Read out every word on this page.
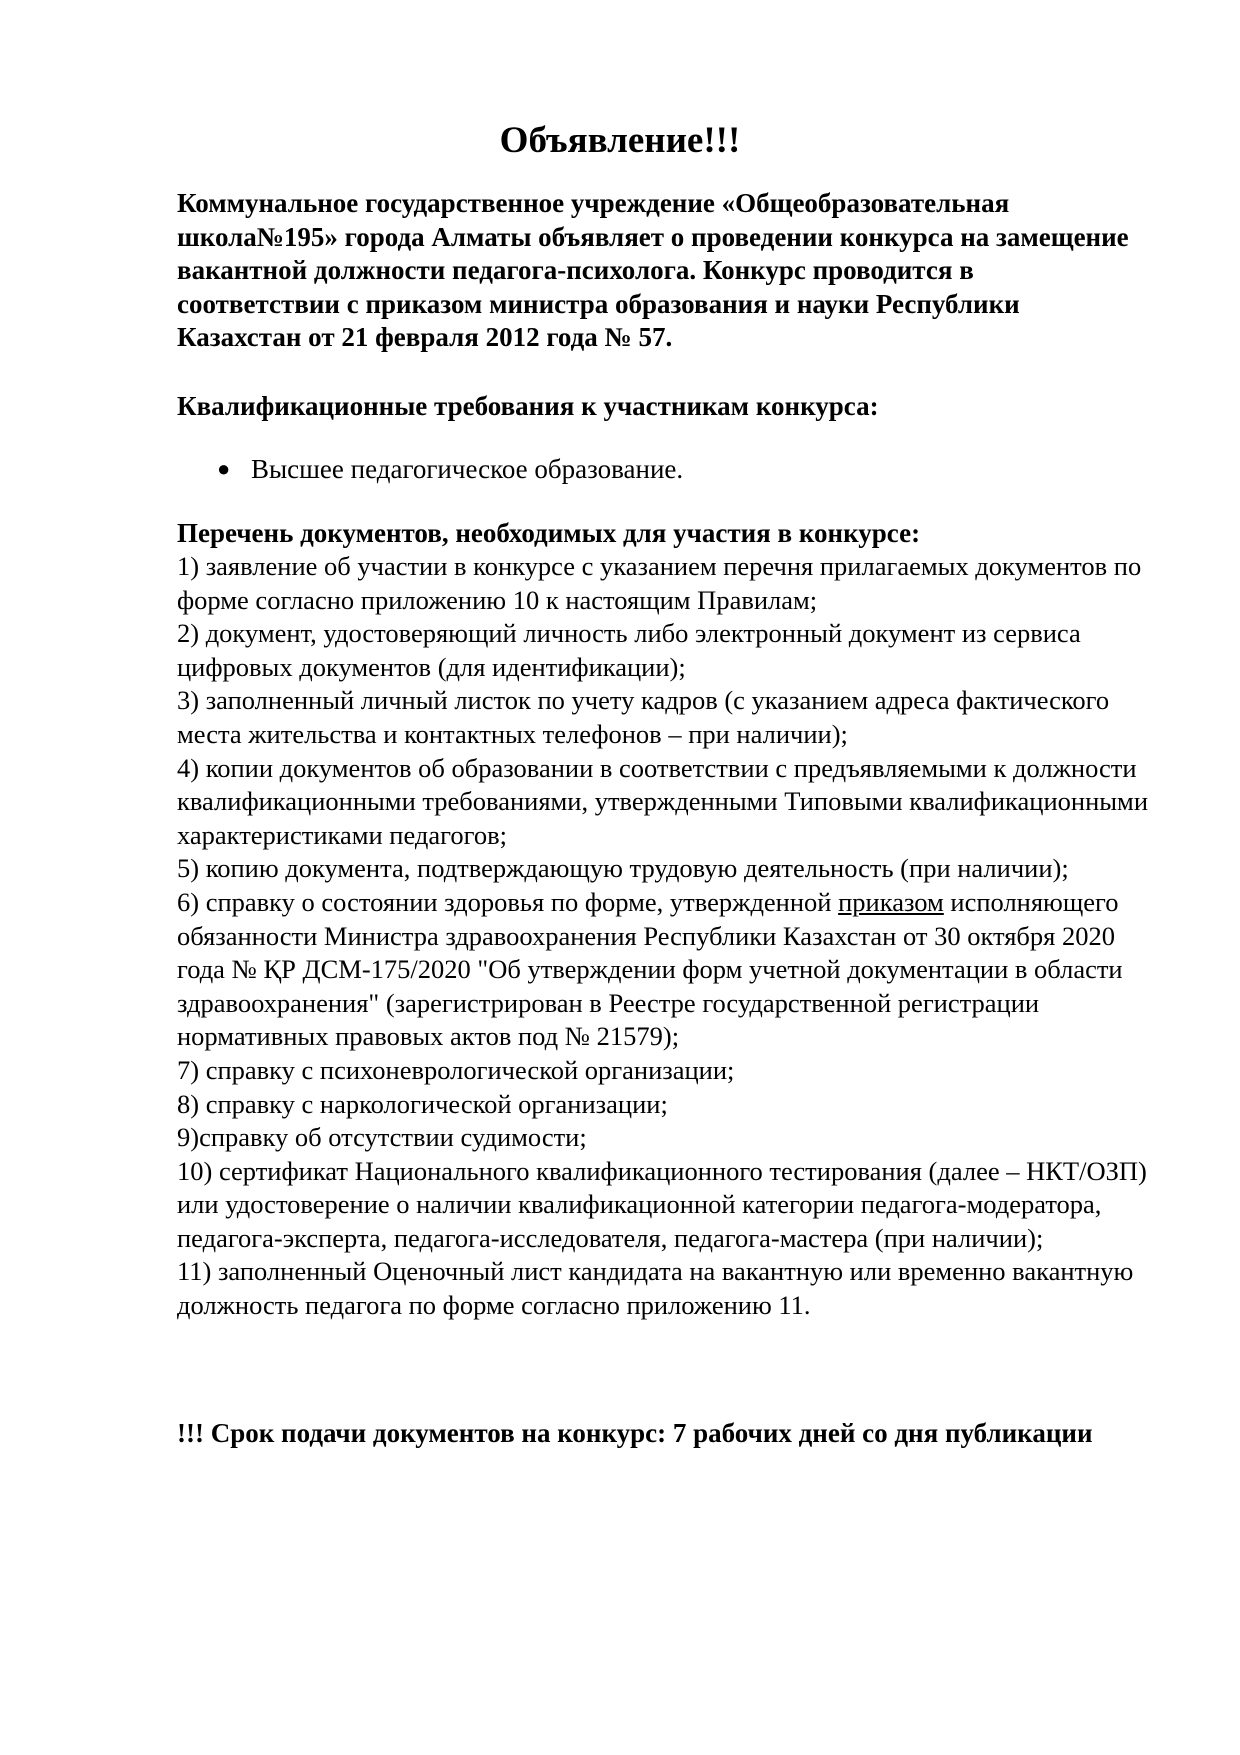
Объявление!!!

Коммунальное государственное учреждение «Общеобразовательная школа№195» города Алматы объявляет о проведении конкурса на замещение вакантной должности педагога-психолога. Конкурс проводится в соответствии с приказом министра образования и науки Республики Казахстан от 21 февраля 2012 года № 57.

Квалификационные требования к участникам конкурса:

● Высшее педагогическое образование.

Перечень документов, необходимых для участия в конкурсе:

1) заявление об участии в конкурсе с указанием перечня прилагаемых документов по форме согласно приложению 10 к настоящим Правилам;
2) документ, удостоверяющий личность либо электронный документ из сервиса цифровых документов (для идентификации);
3) заполненный личный листок по учету кадров (с указанием адреса фактического места жительства и контактных телефонов – при наличии);
4) копии документов об образовании в соответствии с предъявляемыми к должности квалификационными требованиями, утвержденными Типовыми квалификационными характеристиками педагогов;
5) копию документа, подтверждающую трудовую деятельность (при наличии);
6) справку о состоянии здоровья по форме, утвержденной приказом исполняющего обязанности Министра здравоохранения Республики Казахстан от 30 октября 2020 года № ҚР ДСМ-175/2020 "Об утверждении форм учетной документации в области здравоохранения" (зарегистрирован в Реестре государственной регистрации нормативных правовых актов под № 21579);
7) справку с психоневрологической организации;
8) справку с наркологической организации;
9)справку об отсутствии судимости;
10) сертификат Национального квалификационного тестирования (далее – НКТ/ОЗП) или удостоверение о наличии квалификационной категории педагога-модератора, педагога-эксперта, педагога-исследователя, педагога-мастера (при наличии);
11) заполненный Оценочный лист кандидата на вакантную или временно вакантную должность педагога по форме согласно приложению 11.

!!! Срок подачи документов на конкурс: 7 рабочих дней со дня публикации
